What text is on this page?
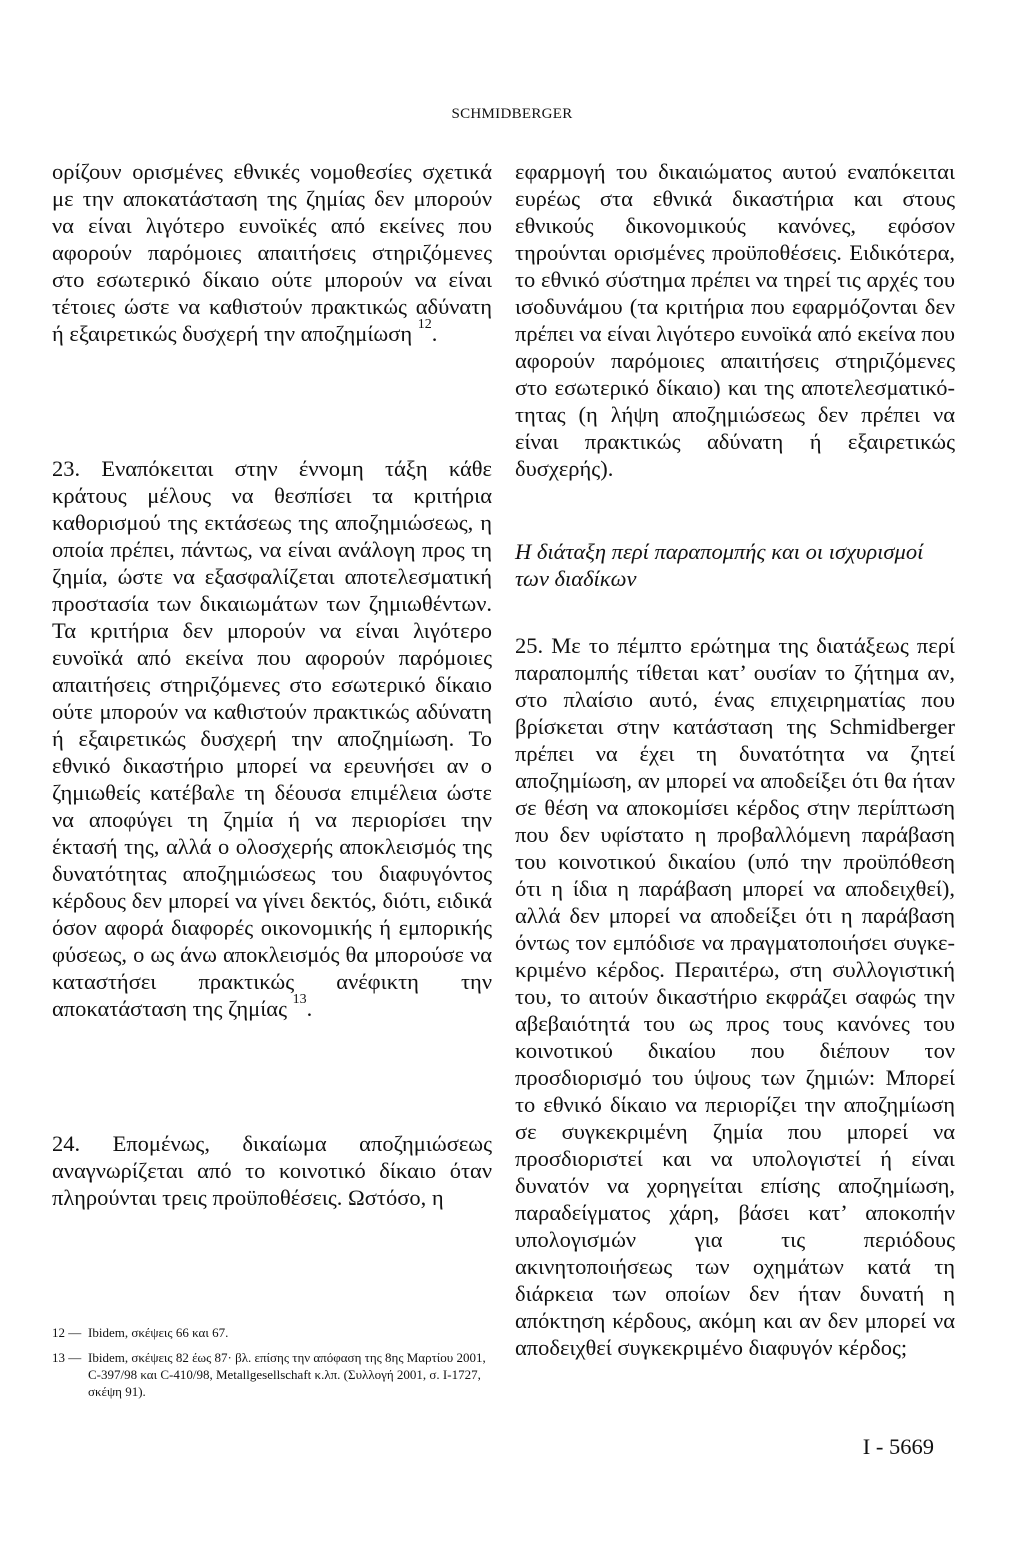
SCHMIDBERGER

ορίζουν ορισμένες εθνικές νομοθεσίες σχετικά με την αποκατάσταση της ζημίας δεν μπορούν να είναι λιγότερο ευνοϊκές από εκείνες που αφορούν παρόμοιες απαιτήσεις στηριζόμενες στο εσωτερικό δίκαιο ούτε μπορούν να είναι τέτοιες ώστε να καθιστούν πρακτικώς αδύνατη ή εξαιρετικώς δυσχερή την αποζημίωση $^{12}$.

23. Εναπόκειται στην έννομη τάξη κάθε κράτους μέλους να θεσπίσει τα κριτήρια καθορισμού της εκτάσεως της αποζημιώσεως, η οποία πρέπει, πάντως, να είναι ανάλογη προς τη ζημία, ώστε να εξασφαλίζεται αποτελεσματική προστασία των δικαιωμάτων των ζημιωθέντων. Τα κριτήρια δεν μπορούν να είναι λιγότερο ευνοϊκά από εκείνα που αφορούν παρόμοιες απαιτήσεις στηριζόμενες στο εσωτερικό δίκαιο ούτε μπορούν να καθιστούν πρακτικώς αδύνατη ή εξαιρετικώς δυσχερή την αποζημίωση. Το εθνικό δικαστήριο μπορεί να ερευνήσει αν ο ζημιωθείς κατέβαλε τη δέουσα επιμέλεια ώστε να αποφύγει τη ζημία ή να περιορίσει την έκτασή της, αλλά ο ολοσχερής αποκλεισμός της δυνατότητας αποζημιώσεως του διαφυγόντος κέρδους δεν μπορεί να γίνει δεκτός, διότι, ειδικά όσον αφορά διαφορές οικονομικής ή εμπορικής φύσεως, ο ως άνω αποκλεισμός θα μπορούσε να καταστήσει πρακτικώς ανέφικτη την αποκατάσταση της ζημίας $^{13}$.

24. Επομένως, δικαίωμα αποζημιώσεως αναγνωρίζεται από το κοινοτικό δίκαιο όταν πληρούνται τρεις προϋποθέσεις. Ωστόσο, η

εφαρμογή του δικαιώματος αυτού εναπόκειται ευρέως στα εθνικά δικαστήρια και στους εθνικούς δικονομικούς κανόνες, εφόσον τηρούνται ορισμένες προϋποθέσεις. Ειδικότερα, το εθνικό σύστημα πρέπει να τηρεί τις αρχές του ισοδυνάμου (τα κριτήρια που εφαρμόζονται δεν πρέπει να είναι λιγότερο ευνοϊκά από εκείνα που αφορούν παρόμοιες απαιτήσεις στηριζόμενες στο εσωτερικό δίκαιο) και της αποτελεσματικότητας (η λήψη αποζημιώσεως δεν πρέπει να είναι πρακτικώς αδύνατη ή εξαιρετικώς δυσχερής).

Η διάταξη περί παραπομπής και οι ισχυρισμοί των διαδίκων

25. Με το πέμπτο ερώτημα της διατάξεως περί παραπομπής τίθεται κατ’ ουσίαν το ζήτημα αν, στο πλαίσιο αυτό, ένας επιχειρηματίας που βρίσκεται στην κατάσταση της Schmidberger πρέπει να έχει τη δυνατότητα να ζητεί αποζημίωση, αν μπορεί να αποδείξει ότι θα ήταν σε θέση να αποκομίσει κέρδος στην περίπτωση που δεν υφίστατο η προβαλλόμενη παράβαση του κοινοτικού δικαίου (υπό την προϋπόθεση ότι η ίδια η παράβαση μπορεί να αποδειχθεί), αλλά δεν μπορεί να αποδείξει ότι η παράβαση όντως τον εμπόδισε να πραγματοποιήσει συγκεκριμένο κέρδος. Περαιτέρω, στη συλλογιστική του, το αιτούν δικαστήριο εκφράζει σαφώς την αβεβαιότητά του ως προς τους κανόνες του κοινοτικού δικαίου που διέπουν τον προσδιορισμό του ύψους των ζημιών: Μπορεί το εθνικό δίκαιο να περιορίζει την αποζημίωση σε συγκεκριμένη ζημία που μπορεί να προσδιοριστεί και να υπολογιστεί ή είναι δυνατόν να χορηγείται επίσης αποζημίωση, παραδείγματος χάρη, βάσει κατ’ αποκοπήν υπολογισμών για τις περιόδους ακινητοποιήσεως των οχημάτων κατά τη διάρκεια των οποίων δεν ήταν δυνατή η απόκτηση κέρδους, ακόμη και αν δεν μπορεί να αποδειχθεί συγκεκριμένο διαφυγόν κέρδος;

12 — Ibidem, σκέψεις 66 και 67.
13 — Ibidem, σκέψεις 82 έως 87· βλ. επίσης την απόφαση της 8ης Μαρτίου 2001, C-397/98 και C-410/98, Metallgesellschaft κ.λπ. (Συλλογή 2001, σ. I-1727, σκέψη 91).
I - 5669
